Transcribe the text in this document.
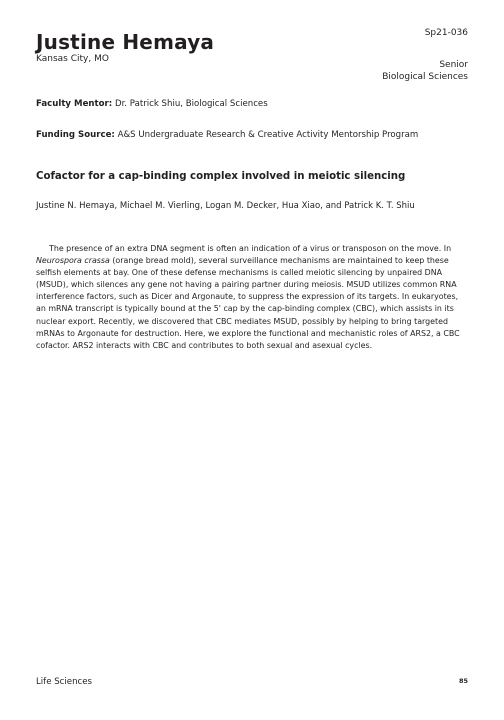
Justine Hemaya
Kansas City, MO
Sp21-036
Senior
Biological Sciences
Faculty Mentor: Dr. Patrick Shiu, Biological Sciences
Funding Source: A&S Undergraduate Research & Creative Activity Mentorship Program
Cofactor for a cap-binding complex involved in meiotic silencing
Justine N. Hemaya, Michael M. Vierling, Logan M. Decker, Hua Xiao, and Patrick K. T. Shiu

The presence of an extra DNA segment is often an indication of a virus or transposon on the move. In Neurospora crassa (orange bread mold), several surveillance mechanisms are maintained to keep these selfish elements at bay. One of these defense mechanisms is called meiotic silencing by unpaired DNA (MSUD), which silences any gene not having a pairing partner during meiosis. MSUD utilizes common RNA interference factors, such as Dicer and Argonaute, to suppress the expression of its targets. In eukaryotes, an mRNA transcript is typically bound at the 5' cap by the cap-binding complex (CBC), which assists in its nuclear export. Recently, we discovered that CBC mediates MSUD, possibly by helping to bring targeted mRNAs to Argonaute for destruction. Here, we explore the functional and mechanistic roles of ARS2, a CBC cofactor. ARS2 interacts with CBC and contributes to both sexual and asexual cycles.

Life Sciences	85
